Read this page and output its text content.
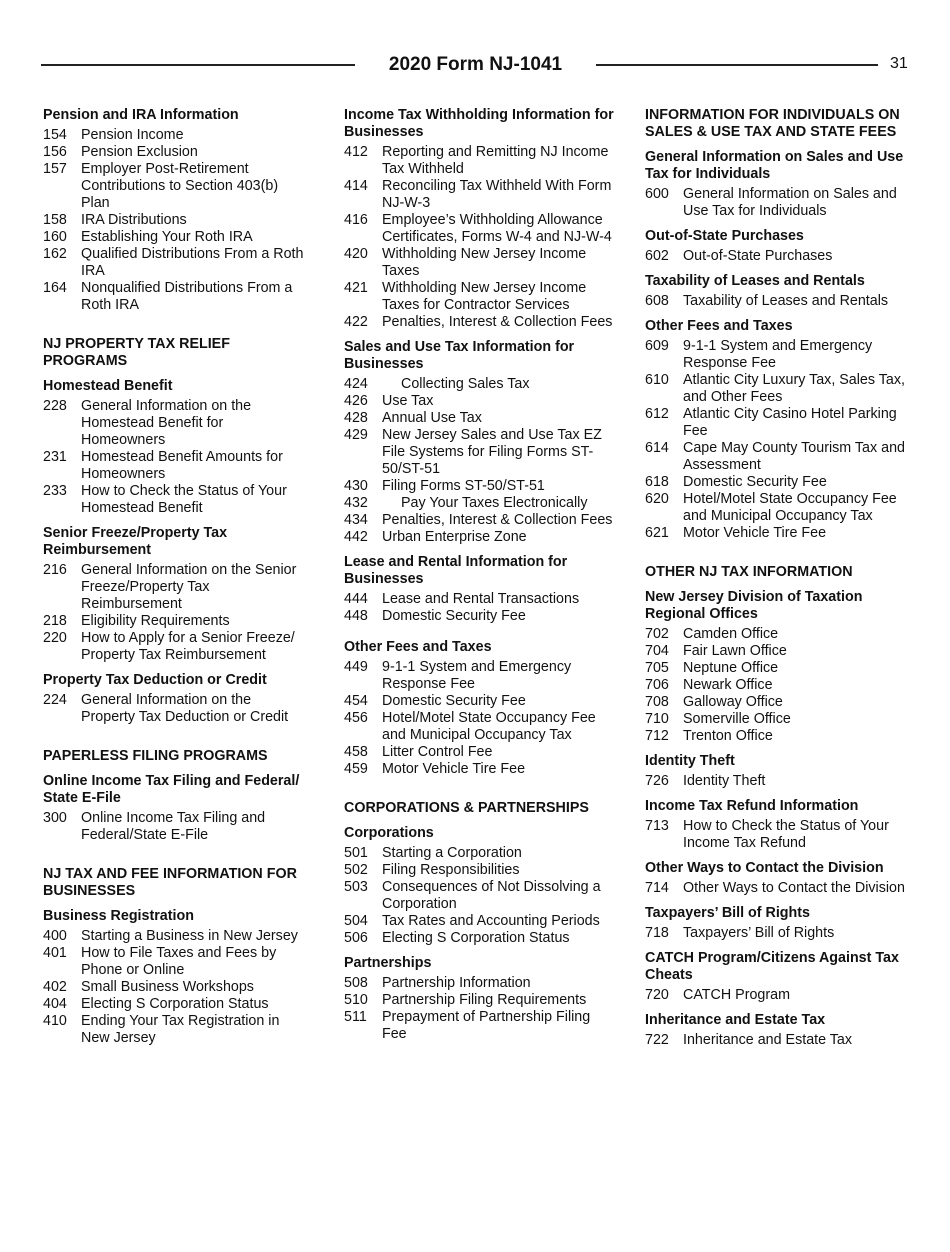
2020 Form NJ-1041	31
Pension and IRA Information
154 Pension Income
156 Pension Exclusion
157 Employer Post-Retirement Contributions to Section 403(b) Plan
158 IRA Distributions
160 Establishing Your Roth IRA
162 Qualified Distributions From a Roth IRA
164 Nonqualified Distributions From a Roth IRA
NJ PROPERTY TAX RELIEF PROGRAMS
Homestead Benefit
228 General Information on the Homestead Benefit for Homeowners
231 Homestead Benefit Amounts for Homeowners
233 How to Check the Status of Your Homestead Benefit
Senior Freeze/Property Tax Reimbursement
216 General Information on the Senior Freeze/Property Tax Reimbursement
218 Eligibility Requirements
220 How to Apply for a Senior Freeze/ Property Tax Reimbursement
Property Tax Deduction or Credit
224 General Information on the Property Tax Deduction or Credit
PAPERLESS FILING PROGRAMS
Online Income Tax Filing and Federal/ State E-File
300 Online Income Tax Filing and Federal/State E-File
NJ TAX AND FEE INFORMATION FOR BUSINESSES
Business Registration
400 Starting a Business in New Jersey
401 How to File Taxes and Fees by Phone or Online
402 Small Business Workshops
404 Electing S Corporation Status
410 Ending Your Tax Registration in New Jersey
Income Tax Withholding Information for Businesses
412 Reporting and Remitting NJ Income Tax Withheld
414 Reconciling Tax Withheld With Form NJ-W-3
416 Employee’s Withholding Allowance Certificates, Forms W-4 and NJ-W-4
420 Withholding New Jersey Income Taxes
421 Withholding New Jersey Income Taxes for Contractor Services
422 Penalties, Interest & Collection Fees
Sales and Use Tax Information for Businesses
424	Collecting Sales Tax
426 Use Tax
428 Annual Use Tax
429 New Jersey Sales and Use Tax EZ File Systems for Filing Forms ST-50/ST-51
430 Filing Forms ST-50/ST-51
432	Pay Your Taxes Electronically
434 Penalties, Interest & Collection Fees
442 Urban Enterprise Zone
Lease and Rental Information for Businesses
444 Lease and Rental Transactions
448 Domestic Security Fee
Other Fees and Taxes
449 9-1-1 System and Emergency Response Fee
454 Domestic Security Fee
456 Hotel/Motel State Occupancy Fee and Municipal Occupancy Tax
458 Litter Control Fee
459 Motor Vehicle Tire Fee
CORPORATIONS & PARTNERSHIPS
Corporations
501 Starting a Corporation
502 Filing Responsibilities
503 Consequences of Not Dissolving a Corporation
504 Tax Rates and Accounting Periods
506 Electing S Corporation Status
Partnerships
508 Partnership Information
510 Partnership Filing Requirements
511	Prepayment of Partnership Filing Fee
INFORMATION FOR INDIVIDUALS ON SALES & USE TAX AND STATE FEES
General Information on Sales and Use Tax for Individuals
600 General Information on Sales and Use Tax for Individuals
Out-of-State Purchases
602 Out-of-State Purchases
Taxability of Leases and Rentals
608 Taxability of Leases and Rentals
Other Fees and Taxes
609 9-1-1 System and Emergency Response Fee
610 Atlantic City Luxury Tax, Sales Tax, and Other Fees
612 Atlantic City Casino Hotel Parking Fee
614 Cape May County Tourism Tax and Assessment
618 Domestic Security Fee
620 Hotel/Motel State Occupancy Fee and Municipal Occupancy Tax
621 Motor Vehicle Tire Fee
OTHER NJ TAX INFORMATION
New Jersey Division of Taxation Regional Offices
702 Camden Office
704 Fair Lawn Office
705 Neptune Office
706 Newark Office
708 Galloway Office
710 Somerville Office
712 Trenton Office
Identity Theft
726 Identity Theft
Income Tax Refund Information
713 How to Check the Status of Your Income Tax Refund
Other Ways to Contact the Division
714 Other Ways to Contact the Division
Taxpayers’ Bill of Rights
718 Taxpayers’ Bill of Rights
CATCH Program/Citizens Against Tax Cheats
720 CATCH Program
Inheritance and Estate Tax
722 Inheritance and Estate Tax
